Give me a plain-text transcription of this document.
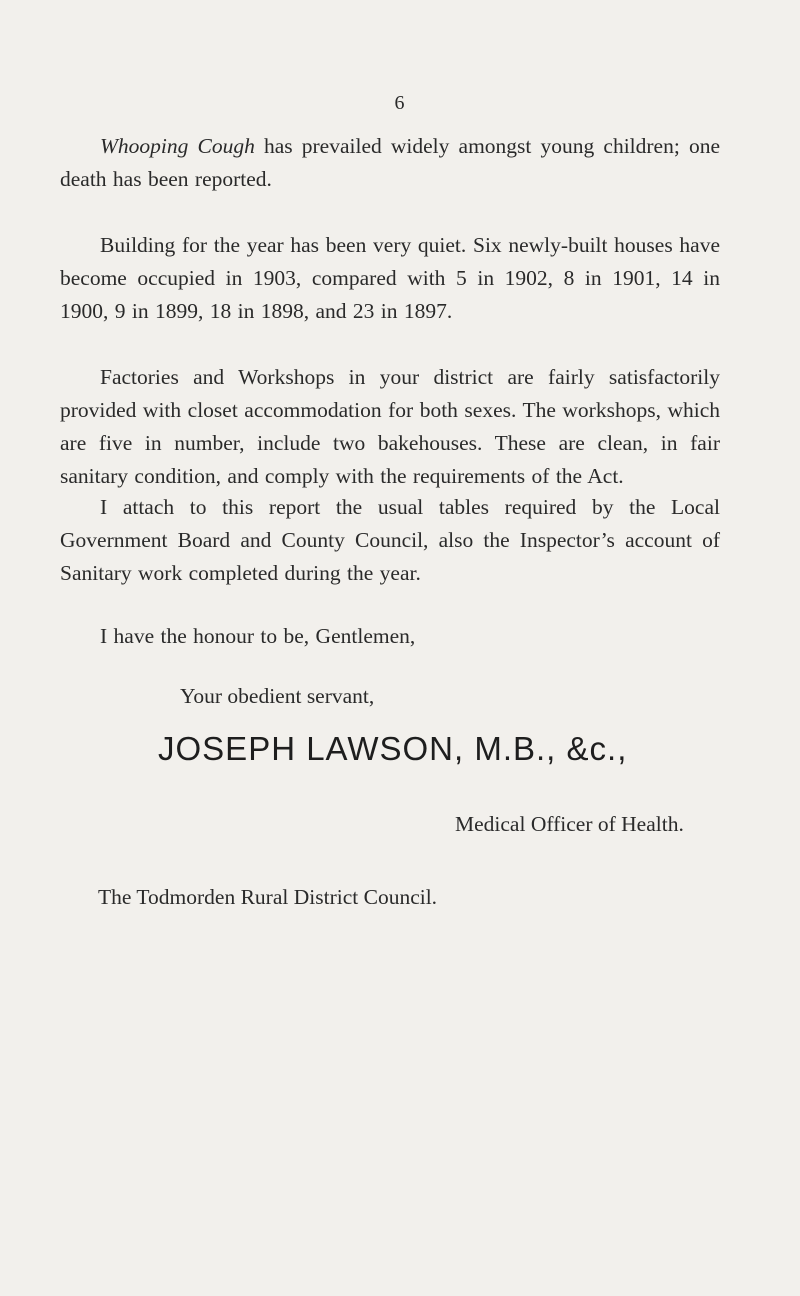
6
Whooping Cough has prevailed widely amongst young children; one death has been reported.
Building for the year has been very quiet. Six newly-built houses have become occupied in 1903, compared with 5 in 1902, 8 in 1901, 14 in 1900, 9 in 1899, 18 in 1898, and 23 in 1897.
Factories and Workshops in your district are fairly satisfactorily provided with closet accommodation for both sexes. The workshops, which are five in number, include two bakehouses. These are clean, in fair sanitary condition, and comply with the requirements of the Act.
I attach to this report the usual tables required by the Local Government Board and County Council, also the Inspector’s account of Sanitary work completed during the year.
I have the honour to be, Gentlemen,
Your obedient servant,
JOSEPH LAWSON, M.B., &c.,
Medical Officer of Health.
The Todmorden Rural District Council.
